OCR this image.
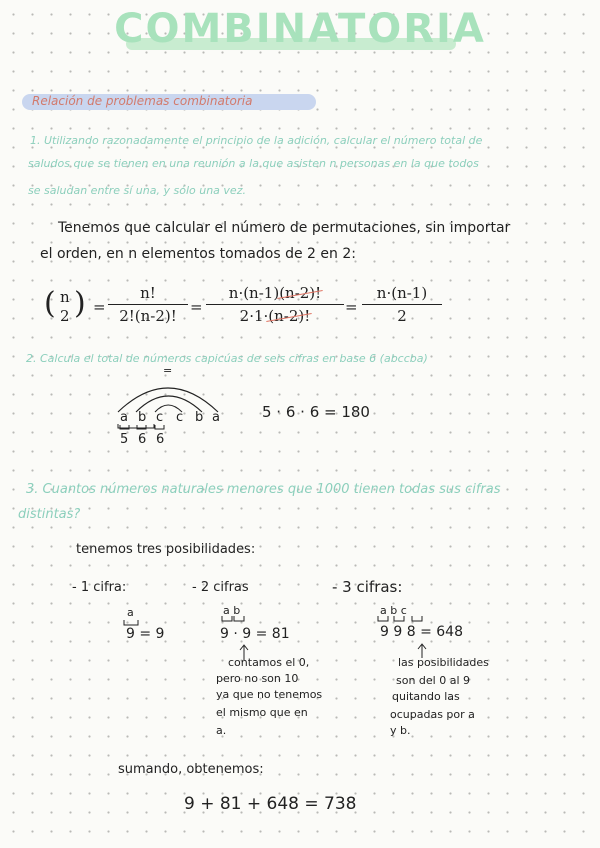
COMBINATORIA
Relación de problemas combinatoria
1. Utilizando razonadamente el principio de la adición, calcular el número total de
saludos que se tienen en una reunión a la que asisten n personas en la que todos
se saludan entre sí una, y sólo una vez.
Tenemos que calcular el número de permutaciones, sin importar
el orden, en n elementos tomados de 2 en 2:
( n
2 ) =
n!
2!(n-2)! =
n·(n-1)(n-2)!
2·1·(n-2)!	=
n·(n-1)
2
2. Calcula el total de números capicúas de seis cifras en base 6 (abccba)
=
a b c c b a
5 6 6
5 · 6 · 6 = 180
3. Cuantos números naturales menores que 1000 tienen todas sus cifras
distintas?
tenemos tres posibilidades:
- 1 cifra:	- 2 cifras	- 3 cifras:
a
9 = 9
a b
9 · 9 = 81
a b c
9 9 8 = 648
contamos el 0,
pero no son 10
ya que no tenemos
el mismo que en
a.
las posibilidades
son del 0 al 9
quitando las
ocupadas por a
y b.
sumando, obtenemos:
9 + 81 + 648 = 738
